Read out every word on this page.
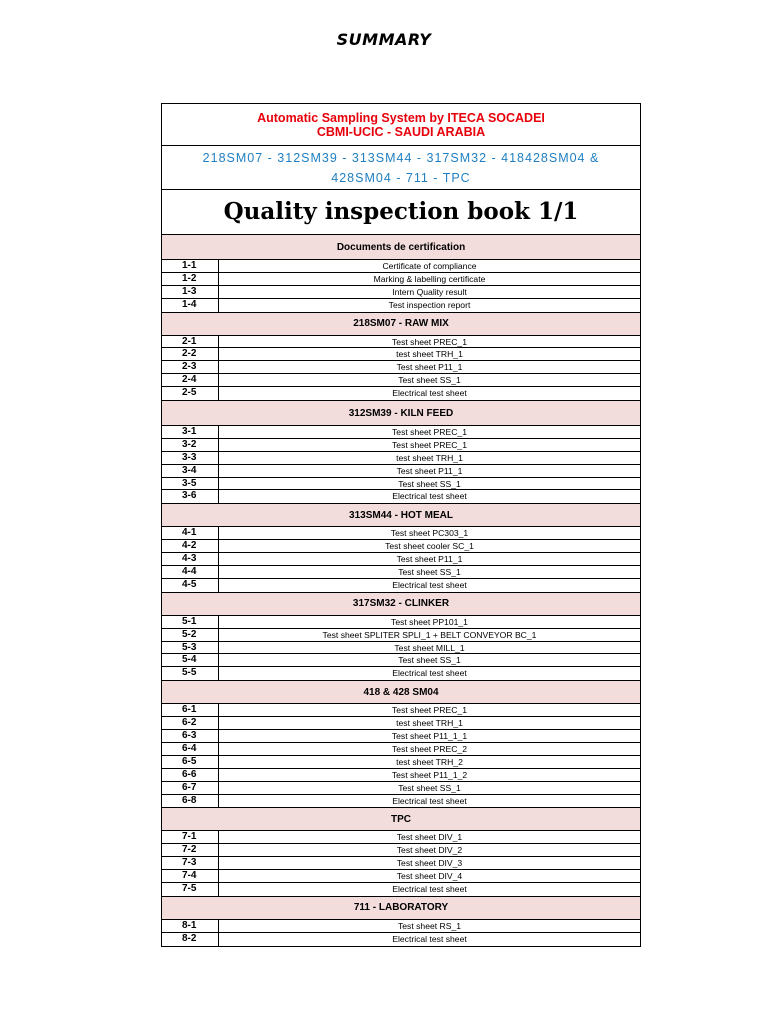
SUMMARY
Automatic Sampling System by ITECA SOCADEI
CBMI-UCIC - SAUDI ARABIA
218SM07 - 312SM39 - 313SM44 - 317SM32 - 418428SM04 &
428SM04 - 711 - TPC
Quality inspection book 1/1
Documents de certification
1-1	Certificate of compliance
1-2	Marking & labelling certificate
1-3	Intern Quality result
1-4	Test inspection report
218SM07 - RAW MIX
2-1	Test sheet PREC_1
2-2	test sheet TRH_1
2-3	Test sheet P11_1
2-4	Test sheet SS_1
2-5	Electrical test sheet
312SM39 - KILN FEED
3-1	Test sheet PREC_1
3-2	Test sheet PREC_1
3-3	test sheet TRH_1
3-4	Test sheet P11_1
3-5	Test sheet SS_1
3-6	Electrical test sheet
313SM44 - HOT MEAL
4-1	Test sheet PC303_1
4-2	Test sheet cooler SC_1
4-3	Test sheet P11_1
4-4	Test sheet SS_1
4-5	Electrical test sheet
317SM32 - CLINKER
5-1	Test sheet PP101_1
5-2	Test sheet SPLITER SPLI_1 + BELT CONVEYOR BC_1
5-3	Test sheet MILL_1
5-4	Test sheet SS_1
5-5	Electrical test sheet
418 & 428 SM04
6-1	Test sheet PREC_1
6-2	test sheet TRH_1
6-3	Test sheet P11_1_1
6-4	Test sheet PREC_2
6-5	test sheet TRH_2
6-6	Test sheet P11_1_2
6-7	Test sheet SS_1
6-8	Electrical test sheet
TPC
7-1	Test sheet DIV_1
7-2	Test sheet DIV_2
7-3	Test sheet DIV_3
7-4	Test sheet DIV_4
7-5	Electrical test sheet
711 - LABORATORY
8-1	Test sheet RS_1
8-2	Electrical test sheet
